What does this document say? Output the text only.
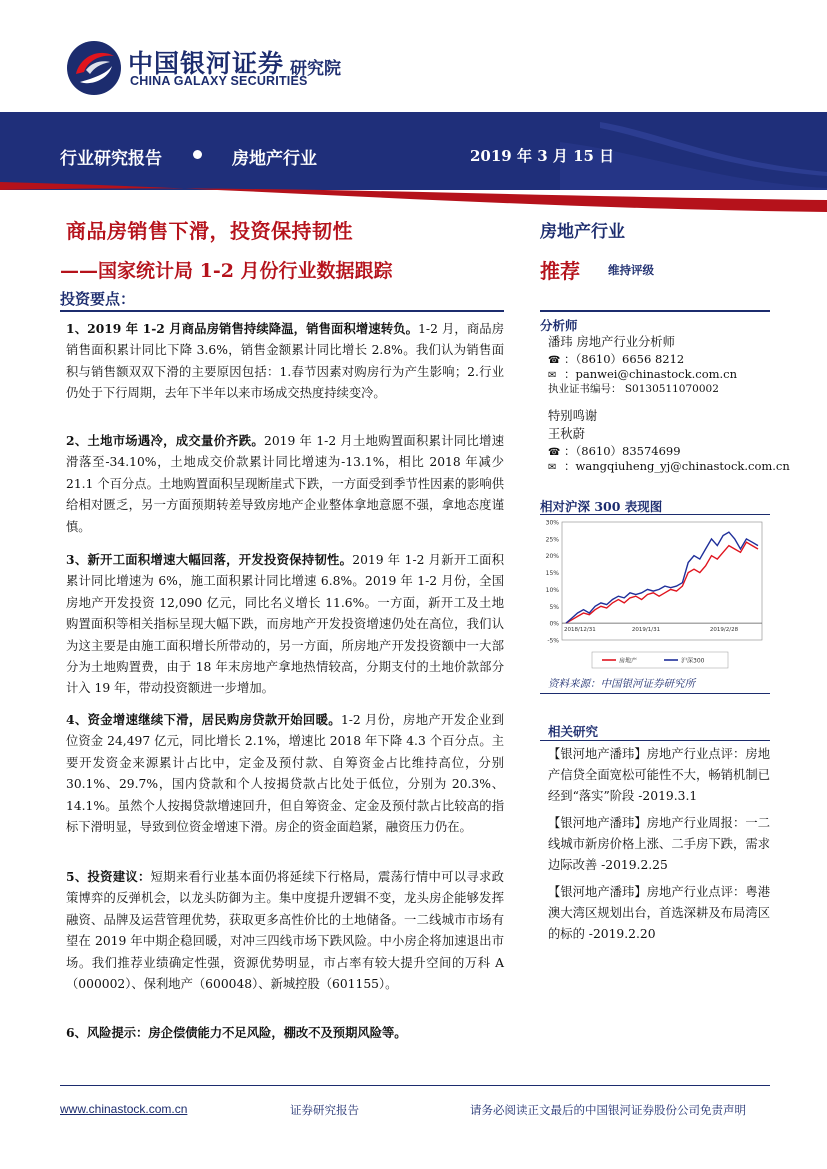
中国银河证券
CHINA GALAXY SECURITIES
研究院
行业研究报告	房地产行业	2019 年 3 月 15 日
商品房销售下滑，投资保持韧性
——国家统计局 1-2 月份行业数据跟踪
房地产行业
推荐 维持评级
投资要点：
1、2019 年 1-2 月商品房销售持续降温，销售面积增速转负。1-2 月，商品房销售面积累计同比下降 3.6%，销售金额累计同比增长 2.8%。我们认为销售面积与销售额双双下滑的主要原因包括：1.春节因素对购房行为产生影响；2.行业仍处于下行周期，去年下半年以来市场成交热度持续变冷。
2、土地市场遇冷，成交量价齐跌。2019 年 1-2 月土地购置面积累计同比增速滑落至-34.10%，土地成交价款累计同比增速为-13.1%，相比 2018 年减少 21.1 个百分点。土地购置面积呈现断崖式下跌，一方面受到季节性因素的影响供给相对匮乏，另一方面预期转差导致房地产企业整体拿地意愿不强，拿地态度谨慎。
3、新开工面积增速大幅回落，开发投资保持韧性。2019 年 1-2 月新开工面积累计同比增速为 6%，施工面积累计同比增速 6.8%。2019 年 1-2 月份，全国房地产开发投资 12,090 亿元，同比名义增长 11.6%。一方面，新开工及土地购置面积等相关指标呈现大幅下跌，而房地产开发投资增速仍处在高位，我们认为这主要是由施工面积增长所带动的，另一方面，所房地产开发投资额中一大部分为土地购置费，由于 18 年末房地产拿地热情较高，分期支付的土地价款部分计入 19 年，带动投资额进一步增加。
4、资金增速继续下滑，居民购房贷款开始回暖。1-2 月份，房地产开发企业到位资金 24,497 亿元，同比增长 2.1%，增速比 2018 年下降 4.3 个百分点。主要开发资金来源累计占比中，定金及预付款、自筹资金占比维持高位，分别 30.1%、29.7%，国内贷款和个人按揭贷款占比处于低位，分别为 20.3%、14.1%。虽然个人按揭贷款增速回升，但自筹资金、定金及预付款占比较高的指标下滑明显，导致到位资金增速下滑。房企的资金面趋紧，融资压力仍在。
5、投资建议：短期来看行业基本面仍将延续下行格局，震荡行情中可以寻求政策博弈的反弹机会，以龙头防御为主。集中度提升逻辑不变，龙头房企能够发挥融资、品牌及运营管理优势，获取更多高性价比的土地储备。一二线城市市场有望在 2019 年中期企稳回暖，对冲三四线市场下跌风险。中小房企将加速退出市场。我们推荐业绩确定性强，资源优势明显，市占率有较大提升空间的万科 A（000002）、保利地产（600048）、新城控股（601155）。
6、风险提示：房企偿债能力不足风险，棚改不及预期风险等。
分析师
潘玮 房地产行业分析师
☎ ：（8610）6656 8212
✉ ：panwei@chinastock.com.cn
执业证书编号： S0130511070002
特别鸣谢
王秋蔚
☎ ：（8610）83574699
✉ ：wangqiuheng_yj@chinastock.com.cn
相对沪深 300 表现图
30%
25%
20%
15%
10%
5%
0%
-5%
2018/12/31	2019/1/31	2019/2/28
房地产	沪深300
资料来源：中国银河证券研究所
相关研究
【银河地产潘玮】房地产行业点评：房地产信贷全面宽松可能性不大，畅销机制已经到“落实”阶段 -2019.3.1
【银河地产潘玮】房地产行业周报：一二线城市新房价格上涨、二手房下跌，需求边际改善 -2019.2.25
【银河地产潘玮】房地产行业点评：粤港澳大湾区规划出台，首选深耕及布局湾区的标的 -2019.2.20
www.chinastock.com.cn	证券研究报告	请务必阅读正文最后的中国银河证券股份公司免责声明
